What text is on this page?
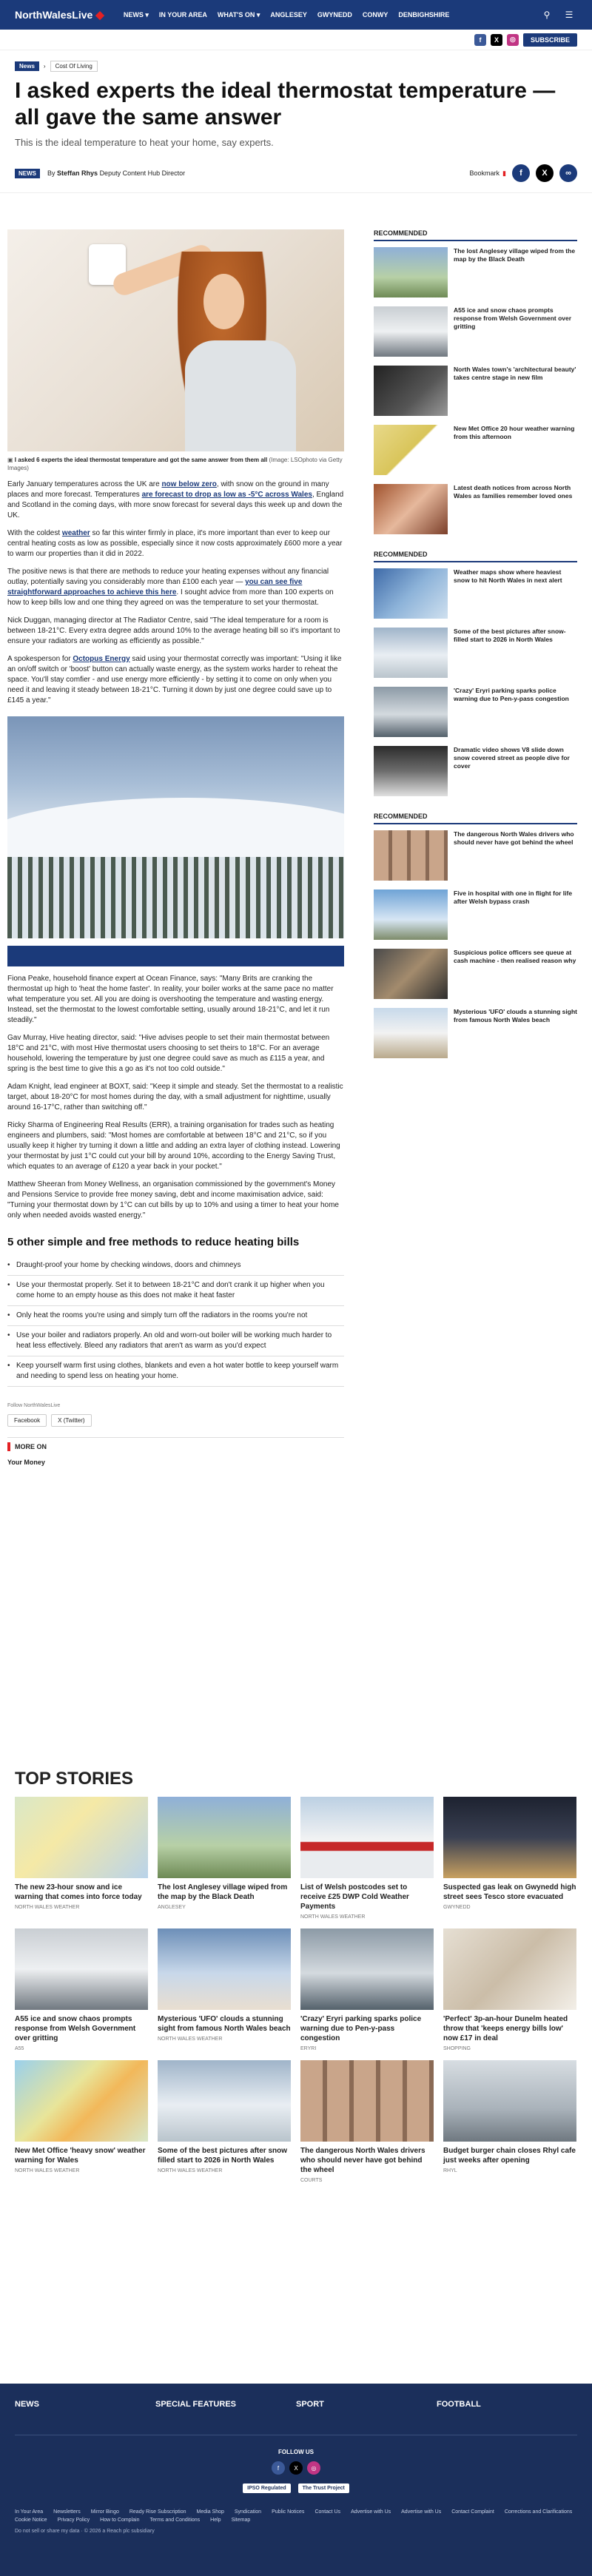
NorthWalesLive ◆	NEWS ▾ IN YOUR AREA WHAT'S ON ▾ ANGLESEY GWYNEDD CONWY DENBIGHSHIRE	⚲	☰
f	X	◎	SUBSCRIBE
News	›	Cost Of Living
I asked experts the ideal thermostat temperature — all gave the same answer
This is the ideal temperature to heat your home, say experts.
NEWS	By Steffan Rhys Deputy Content Hub Director	Bookmark ▮	f	X	∞
▣ I asked 6 experts the ideal thermostat temperature and got the same answer from them all (Image: LSOphoto via Getty Images)

Early January temperatures across the UK are now below zero, with snow on the ground in many places and more forecast. Temperatures are forecast to drop as low as -5°C across Wales, England and Scotland in the coming days, with more snow forecast for several days this week up and down the UK.

With the coldest weather so far this winter firmly in place, it's more important than ever to keep our central heating costs as low as possible, especially since it now costs approximately £600 more a year to warm our properties than it did in 2022.

The positive news is that there are methods to reduce your heating expenses without any financial outlay, potentially saving you considerably more than £100 each year — you can see five straightforward approaches to achieve this here. I sought advice from more than 100 experts on how to keep bills low and one thing they agreed on was the temperature to set your thermostat.

Nick Duggan, managing director at The Radiator Centre, said "The ideal temperature for a room is between 18-21°C. Every extra degree adds around 10% to the average heating bill so it's important to ensure your radiators are working as efficiently as possible."

A spokesperson for Octopus Energy said using your thermostat correctly was important: "Using it like an on/off switch or 'boost' button can actually waste energy, as the system works harder to reheat the space. You'll stay comfier - and use energy more efficiently - by setting it to come on only when you need it and leaving it steady between 18-21°C. Turning it down by just one degree could save up to £145 a year."

Fiona Peake, household finance expert at Ocean Finance, says: "Many Brits are cranking the thermostat up high to 'heat the home faster'. In reality, your boiler works at the same pace no matter what temperature you set. All you are doing is overshooting the temperature and wasting energy. Instead, set the thermostat to the lowest comfortable setting, usually around 18-21°C, and let it run steadily."

Gav Murray, Hive heating director, said: "Hive advises people to set their main thermostat between 18°C and 21°C, with most Hive thermostat users choosing to set theirs to 18°C. For an average household, lowering the temperature by just one degree could save as much as £115 a year, and spring is the best time to give this a go as it's not too cold outside."

Adam Knight, lead engineer at BOXT, said: "Keep it simple and steady. Set the thermostat to a realistic target, about 18-20°C for most homes during the day, with a small adjustment for nighttime, usually around 16-17°C, rather than switching off."

Ricky Sharma of Engineering Real Results (ERR), a training organisation for trades such as heating engineers and plumbers, said: "Most homes are comfortable at between 18°C and 21°C, so if you usually keep it higher try turning it down a little and adding an extra layer of clothing instead. Lowering your thermostat by just 1°C could cut your bill by around 10%, according to the Energy Saving Trust, which equates to an average of £120 a year back in your pocket."

Matthew Sheeran from Money Wellness, an organisation commissioned by the government's Money and Pensions Service to provide free money saving, debt and income maximisation advice, said: "Turning your thermostat down by 1°C can cut bills by up to 10% and using a timer to heat your home only when needed avoids wasted energy."

5 other simple and free methods to reduce heating bills
• Draught-proof your home by checking windows, doors and chimneys
• Use your thermostat properly. Set it to between 18-21°C and don't crank it up higher when you come home to an empty house as this does not make it heat faster
• Only heat the rooms you're using and simply turn off the radiators in the rooms you're not
• Use your boiler and radiators properly. An old and worn-out boiler will be working much harder to heat less effectively. Bleed any radiators that aren't as warm as you'd expect
• Keep yourself warm first using clothes, blankets and even a hot water bottle to keep yourself warm and needing to spend less on heating your home.
Follow NorthWalesLive
Facebook	X (Twitter)
MORE ON
Your Money
RECOMMENDED
The lost Anglesey village wiped from the map by the Black Death
A55 ice and snow chaos prompts response from Welsh Government over gritting
North Wales town's 'architectural beauty' takes centre stage in new film
New Met Office 20 hour weather warning from this afternoon
Latest death notices from across North Wales as families remember loved ones
RECOMMENDED
Weather maps show where heaviest snow to hit North Wales in next alert
Some of the best pictures after snow-filled start to 2026 in North Wales
'Crazy' Eryri parking sparks police warning due to Pen-y-pass congestion
Dramatic video shows V8 slide down snow covered street as people dive for cover
RECOMMENDED
The dangerous North Wales drivers who should never have got behind the wheel
Five in hospital with one in flight for life after Welsh bypass crash
Suspicious police officers see queue at cash machine - then realised reason why
Mysterious 'UFO' clouds a stunning sight from famous North Wales beach
TOP STORIES
The new 23-hour snow and ice warning that comes into force today
NORTH WALES WEATHER
The lost Anglesey village wiped from the map by the Black Death
ANGLESEY
List of Welsh postcodes set to receive £25 DWP Cold Weather Payments
NORTH WALES WEATHER
Suspected gas leak on Gwynedd high street sees Tesco store evacuated
GWYNEDD
A55 ice and snow chaos prompts response from Welsh Government over gritting
A55
Mysterious 'UFO' clouds a stunning sight from famous North Wales beach
NORTH WALES WEATHER
'Crazy' Eryri parking sparks police warning due to Pen-y-pass congestion
ERYRI
'Perfect' 3p-an-hour Dunelm heated throw that 'keeps energy bills low' now £17 in deal
SHOPPING
New Met Office 'heavy snow' weather warning for Wales
NORTH WALES WEATHER
Some of the best pictures after snow filled start to 2026 in North Wales
NORTH WALES WEATHER
The dangerous North Wales drivers who should never have got behind the wheel
COURTS
Budget burger chain closes Rhyl cafe just weeks after opening
RHYL
NEWS	SPECIAL FEATURES	SPORT	FOOTBALL
FOLLOW US
f	X	◎
IPSO Regulated	The Trust Project
In Your Area Newsletters Mirror Bingo Ready Rise Subscription Media Shop Syndication Public Notices Contact Us Advertise with Us Advertise with Us Contact Complaint Corrections and Clarifications
Cookie Notice Privacy Policy How to Complain Terms and Conditions Help Sitemap
Do not sell or share my data · © 2026 a Reach plc subsidiary
